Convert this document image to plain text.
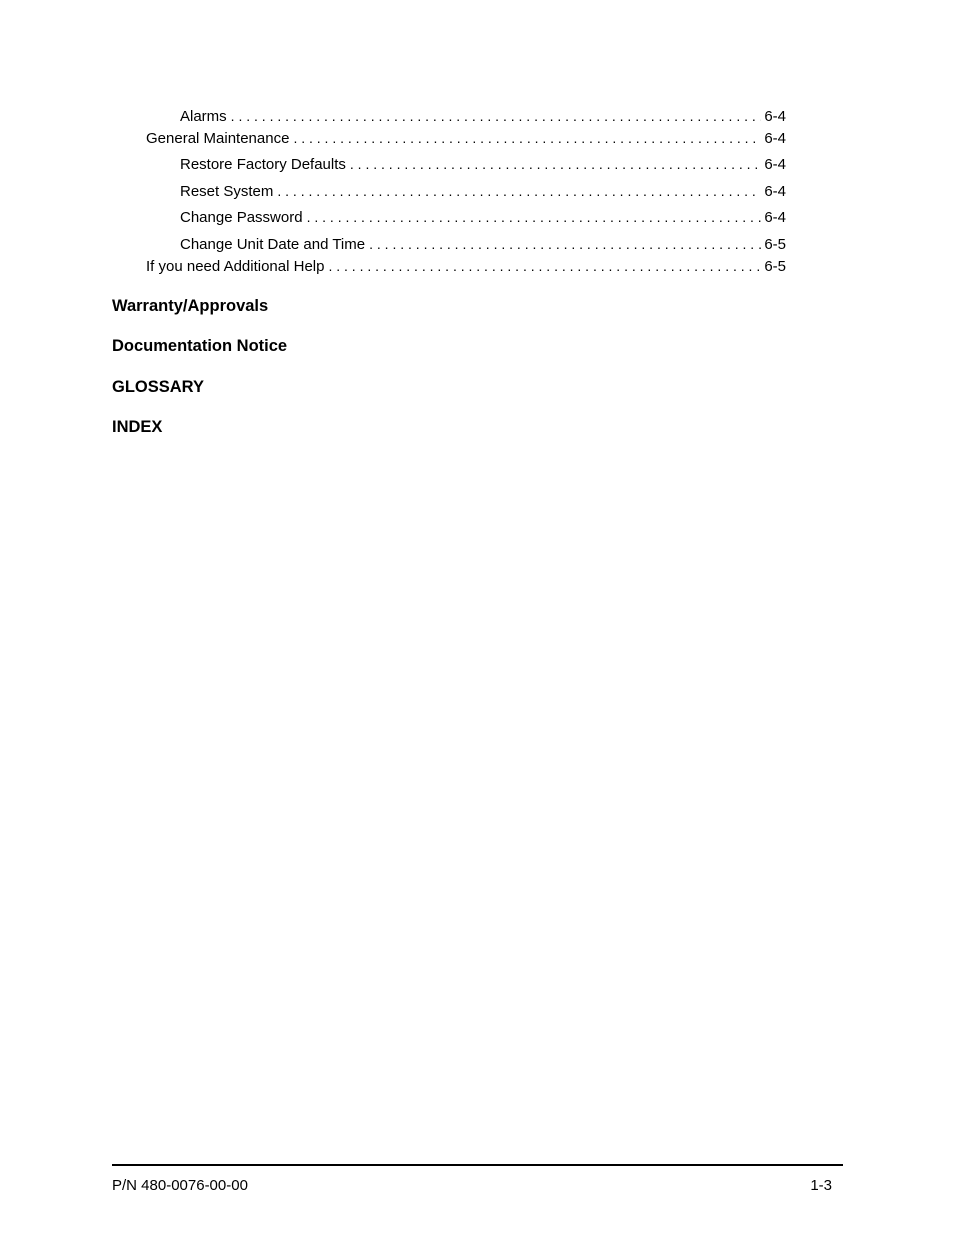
Alarms . . .	6-4
General Maintenance . . .	6-4
Restore Factory Defaults . . .	6-4
Reset System . . .	6-4
Change Password . . .	6-4
Change Unit Date and Time . . .	6-5
If you need Additional Help . . .	6-5
Warranty/Approvals
Documentation Notice
GLOSSARY
INDEX
P/N 480-0076-00-00	1-3
